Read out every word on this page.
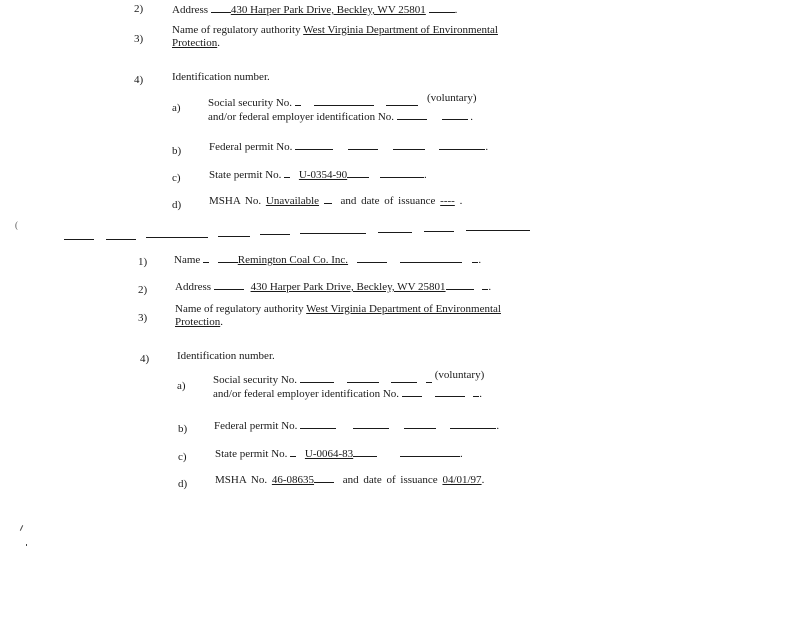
2)	Address 430 Harper Park Drive, Beckley, WV 25801	.
3)
Name of regulatory authority West Virginia Department of Environmental
Protection.
4)	Identification number.
a) Social security No.	(voluntary)
and/or federal employer identification No.	.
b)	Federal permit No.	.
c)	State permit No. U-0354-90	.
d)	MSHA No. Unavailable and date of issuance ---- .
(
1) Name	Remington Coal Co. Inc.	.
2)	Address	430 Harper Park Drive, Beckley, WV 25801	.
3)
Name of regulatory authority West Virginia Department of Environmental
Protection.
4)	Identification number.
a) Social security No.	(voluntary)
and/or federal employer identification No.	.
b) Federal permit No.	.
c)	State permit No. U-0064-83	.
d)	MSHA No. 46-08635	and date of issuance 04/01/97.
